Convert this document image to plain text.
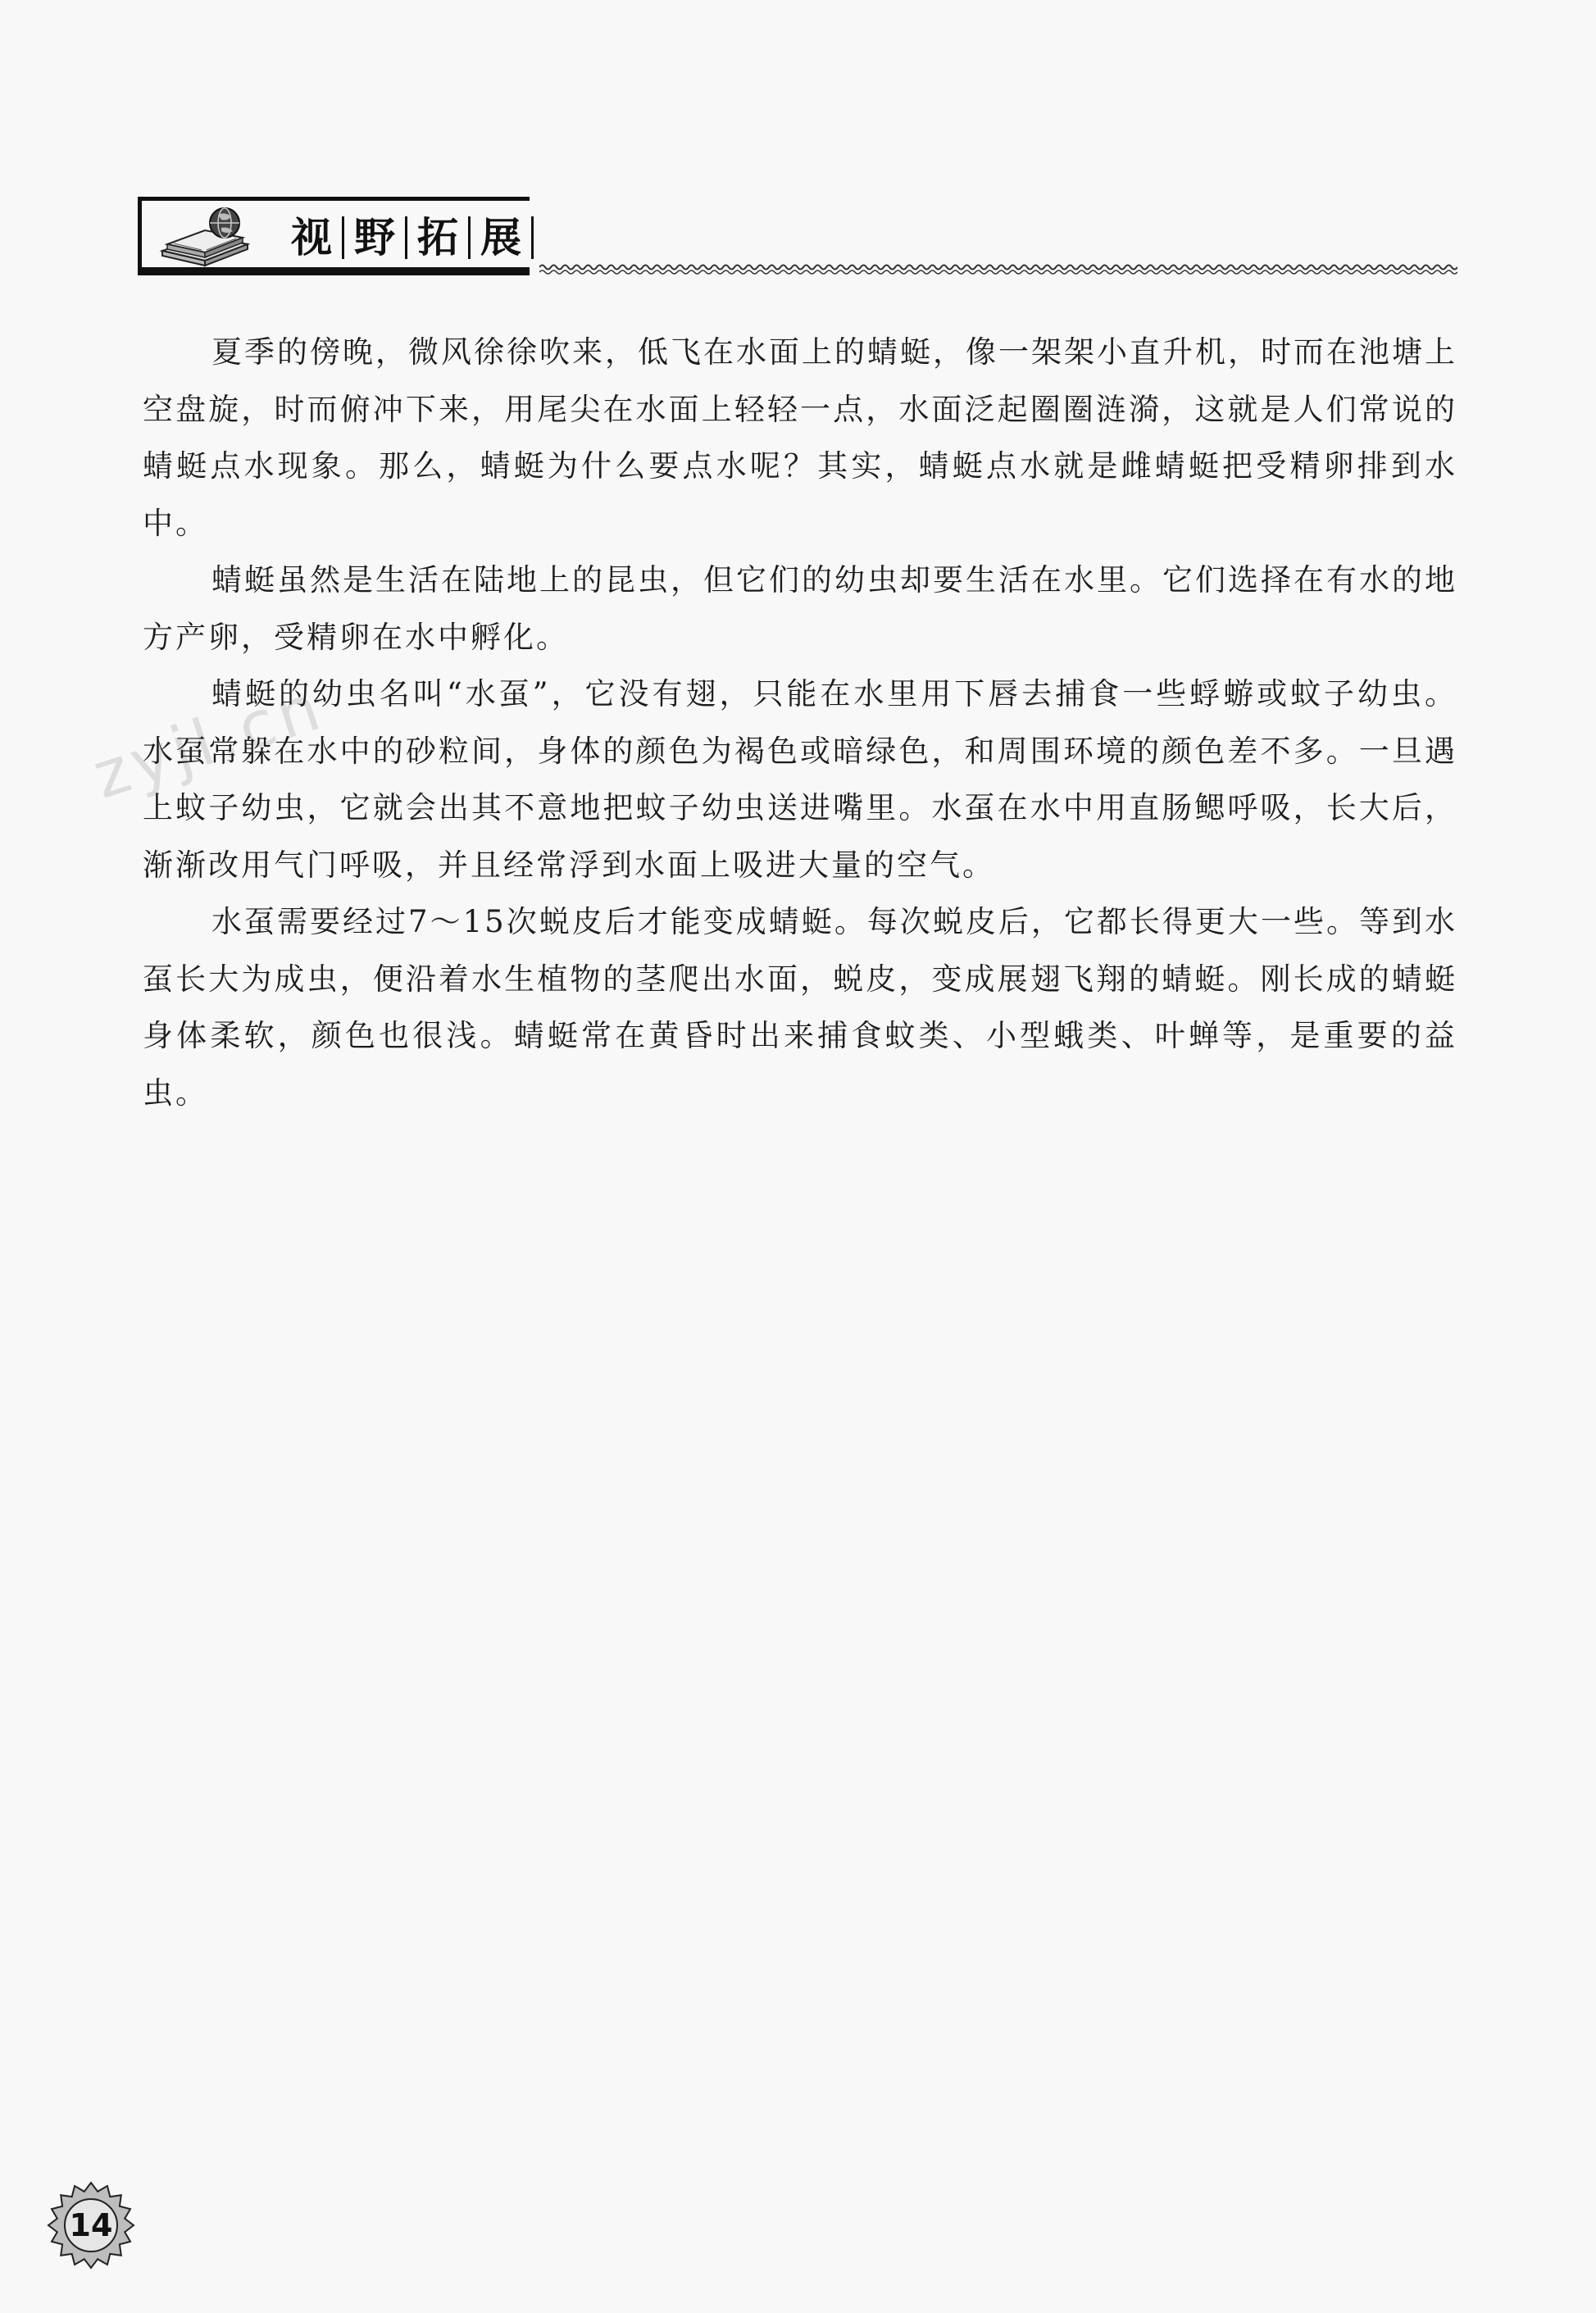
视 野 拓 展
zyjl.cn

夏季的傍晚，微风徐徐吹来，低飞在水面上的蜻蜓，像一架架小直升机，时而在池塘上空盘旋，时而俯冲下来，用尾尖在水面上轻轻一点，水面泛起圈圈涟漪，这就是人们常说的蜻蜓点水现象。那么，蜻蜓为什么要点水呢？其实，蜻蜓点水就是雌蜻蜓把受精卵排到水中。

蜻蜓虽然是生活在陆地上的昆虫，但它们的幼虫却要生活在水里。它们选择在有水的地方产卵，受精卵在水中孵化。

蜻蜓的幼虫名叫“水虿”，它没有翅，只能在水里用下唇去捕食一些蜉蝣或蚊子幼虫。水虿常躲在水中的砂粒间，身体的颜色为褐色或暗绿色，和周围环境的颜色差不多。一旦遇上蚊子幼虫，它就会出其不意地把蚊子幼虫送进嘴里。水虿在水中用直肠鳃呼吸，长大后，渐渐改用气门呼吸，并且经常浮到水面上吸进大量的空气。

水虿需要经过7～15次蜕皮后才能变成蜻蜓。每次蜕皮后，它都长得更大一些。等到水虿长大为成虫，便沿着水生植物的茎爬出水面，蜕皮，变成展翅飞翔的蜻蜓。刚长成的蜻蜓身体柔软，颜色也很浅。蜻蜓常在黄昏时出来捕食蚊类、小型蛾类、叶蝉等，是重要的益虫。

14
